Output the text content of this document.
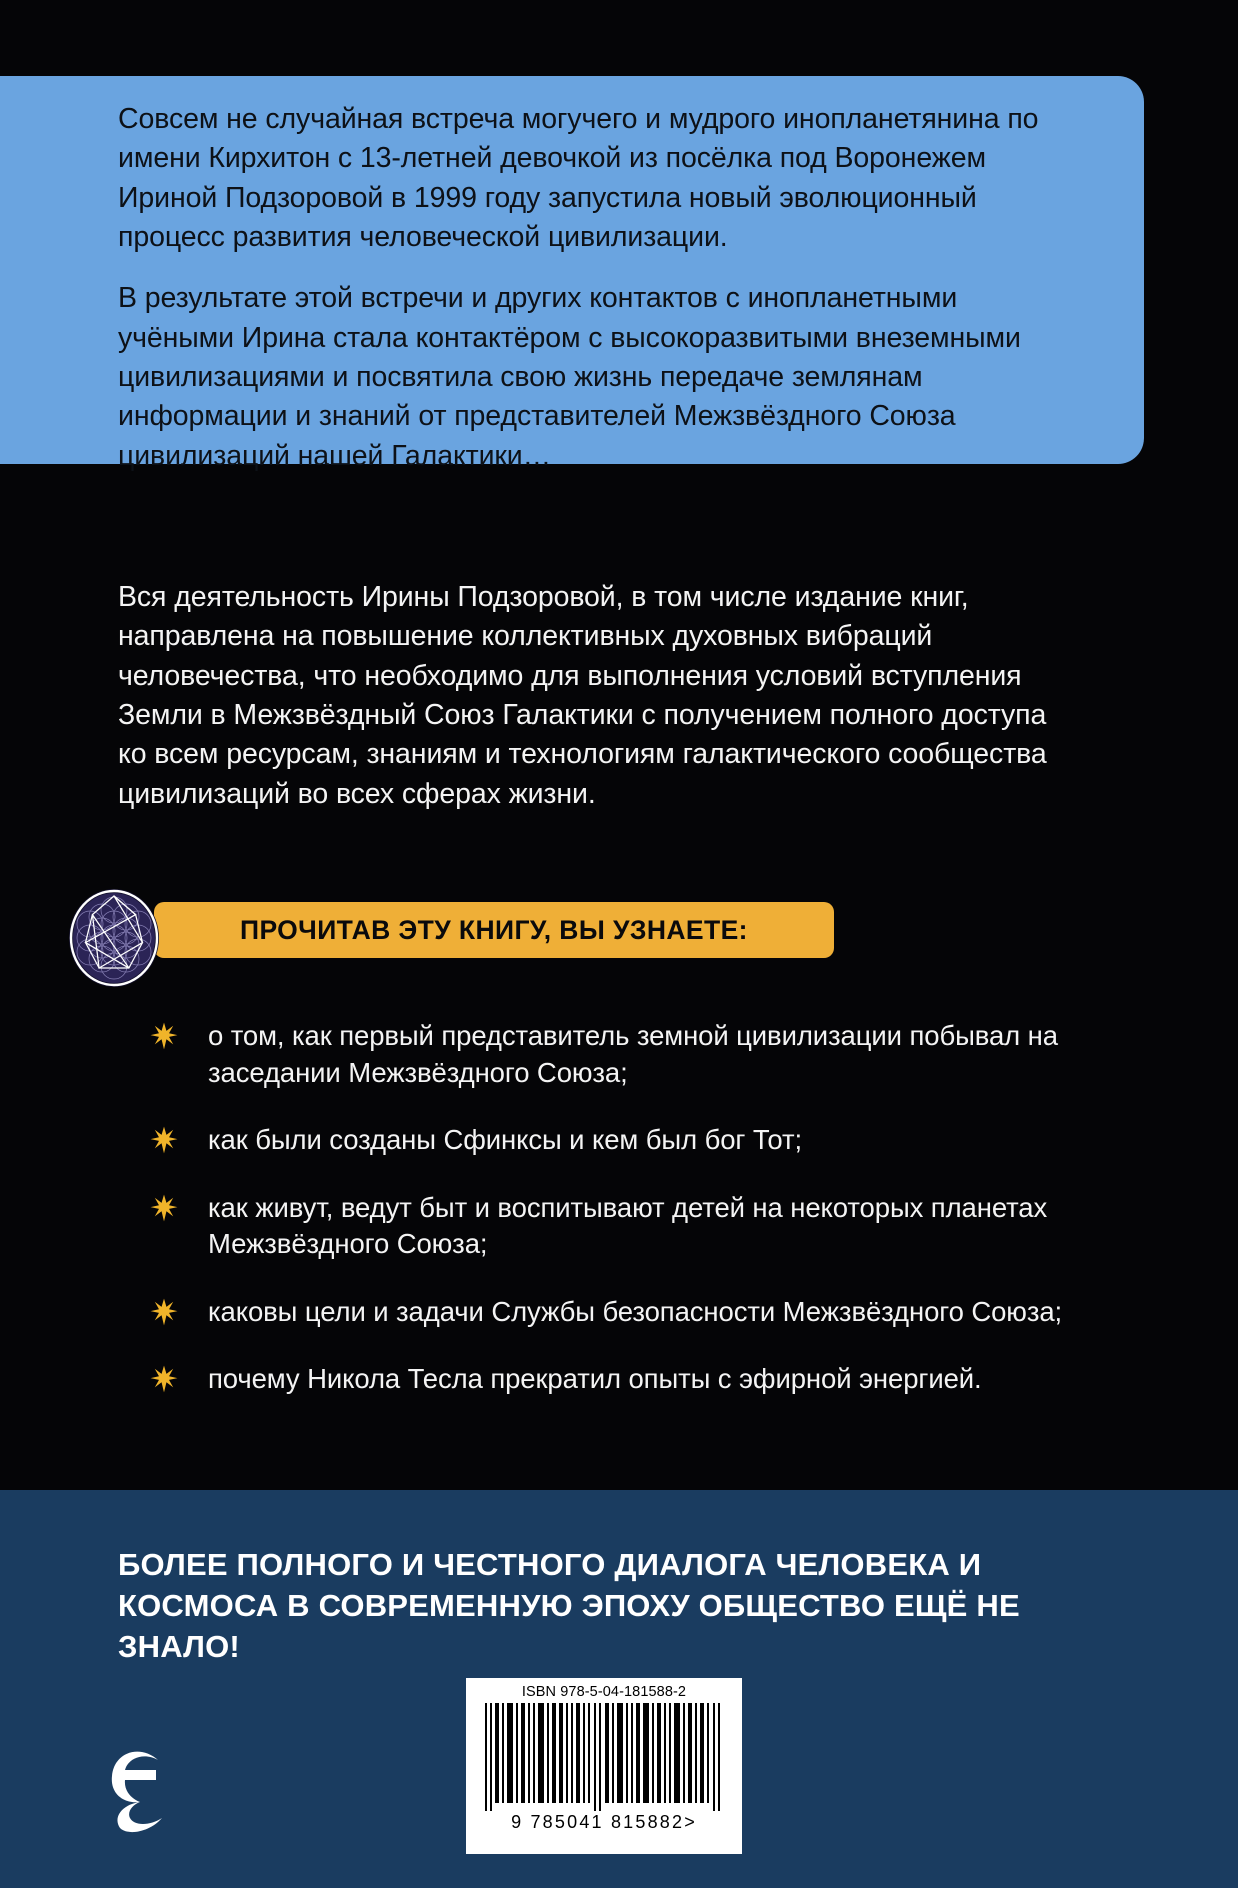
Совсем не случайная встреча могучего и мудрого инопланетянина по имени Кирхитон с 13-летней девочкой из посёлка под Воронежем Ириной Подзоровой в 1999 году запустила новый эволюционный процесс развития человеческой цивилизации.

В результате этой встречи и других контактов с инопланетными учёными Ирина стала контактёром с высокоразвитыми внеземными цивилизациями и посвятила свою жизнь передаче землянам информации и знаний от представителей Межзвёздного Союза цивилизаций нашей Галактики…

Вся деятельность Ирины Подзоровой, в том числе издание книг, направлена на повышение коллективных духовных вибраций человечества, что необходимо для выполнения условий вступления Земли в Межзвёздный Союз Галактики с получением полного доступа ко всем ресурсам, знаниям и технологиям галактического сообщества цивилизаций во всех сферах жизни.
ПРОЧИТАВ ЭТУ КНИГУ, ВЫ УЗНАЕТЕ:
о том, как первый представитель земной цивилизации побывал на заседании Межзвёздного Союза;
как были созданы Сфинксы и кем был бог Тот;
как живут, ведут быт и воспитывают детей на некоторых планетах Межзвёздного Союза;
каковы цели и задачи Службы безопасности Межзвёздного Союза;
почему Никола Тесла прекратил опыты с эфирной энергией.
БОЛЕЕ ПОЛНОГО И ЧЕСТНОГО ДИАЛОГА ЧЕЛОВЕКА И КОСМОСА В СОВРЕМЕННУЮ ЭПОХУ ОБЩЕСТВО ЕЩЁ НЕ ЗНАЛО!
ISBN 978-5-04-181588-2
9 785041 815882>
